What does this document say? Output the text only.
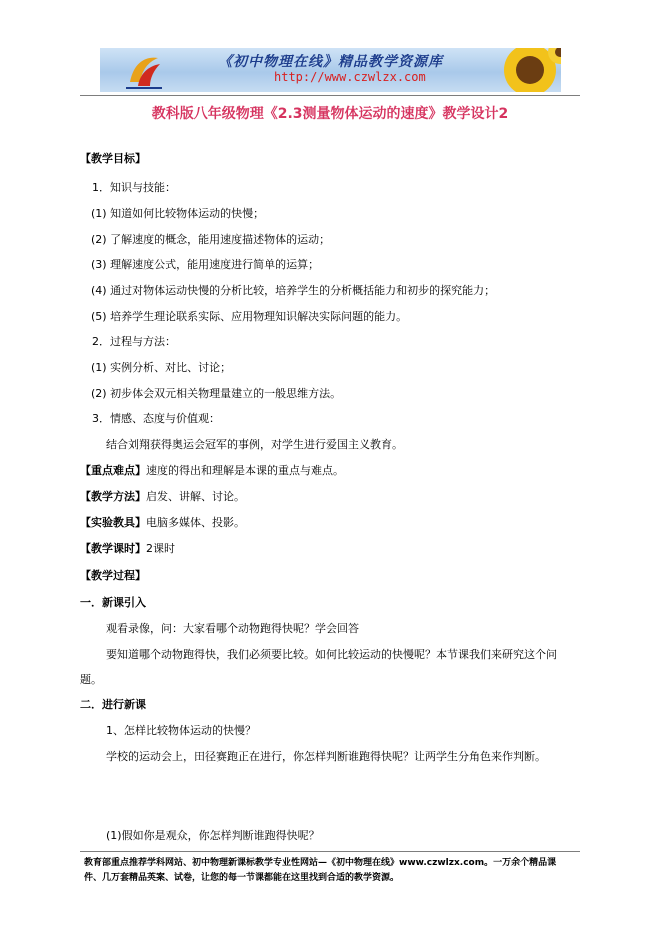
《初中物理在线》精品教学资源库
http://www.czwlzx.com
教科版八年级物理《2.3测量物体运动的速度》教学设计2
【教学目标】
1．知识与技能：
(1) 知道如何比较物体运动的快慢；
(2) 了解速度的概念，能用速度描述物体的运动；
(3) 理解速度公式，能用速度进行简单的运算；
(4) 通过对物体运动快慢的分析比较，培养学生的分析概括能力和初步的探究能力；
(5) 培养学生理论联系实际、应用物理知识解决实际问题的能力。
2．过程与方法：
(1) 实例分析、对比、讨论；
(2) 初步体会双元相关物理量建立的一般思维方法。
3．情感、态度与价值观：
结合刘翔获得奥运会冠军的事例，对学生进行爱国主义教育。
【重点难点】速度的得出和理解是本课的重点与难点。
【教学方法】启发、讲解、讨论。
【实验教具】电脑多媒体、投影。
【教学课时】2课时
【教学过程】
一．新课引入
观看录像，问：大家看哪个动物跑得快呢？学会回答
要知道哪个动物跑得快，我们必须要比较。如何比较运动的快慢呢？本节课我们来研究这个问
题。
二．进行新课
1、怎样比较物体运动的快慢？
学校的运动会上，田径赛跑正在进行，你怎样判断谁跑得快呢？让两学生分角色来作判断。
(1)假如你是观众，你怎样判断谁跑得快呢？
教育部重点推荐学科网站、初中物理新课标教学专业性网站—《初中物理在线》www.czwlzx.com。一万余个精品课
件、几万套精品英案、试卷，让您的每一节课都能在这里找到合适的教学资源。
